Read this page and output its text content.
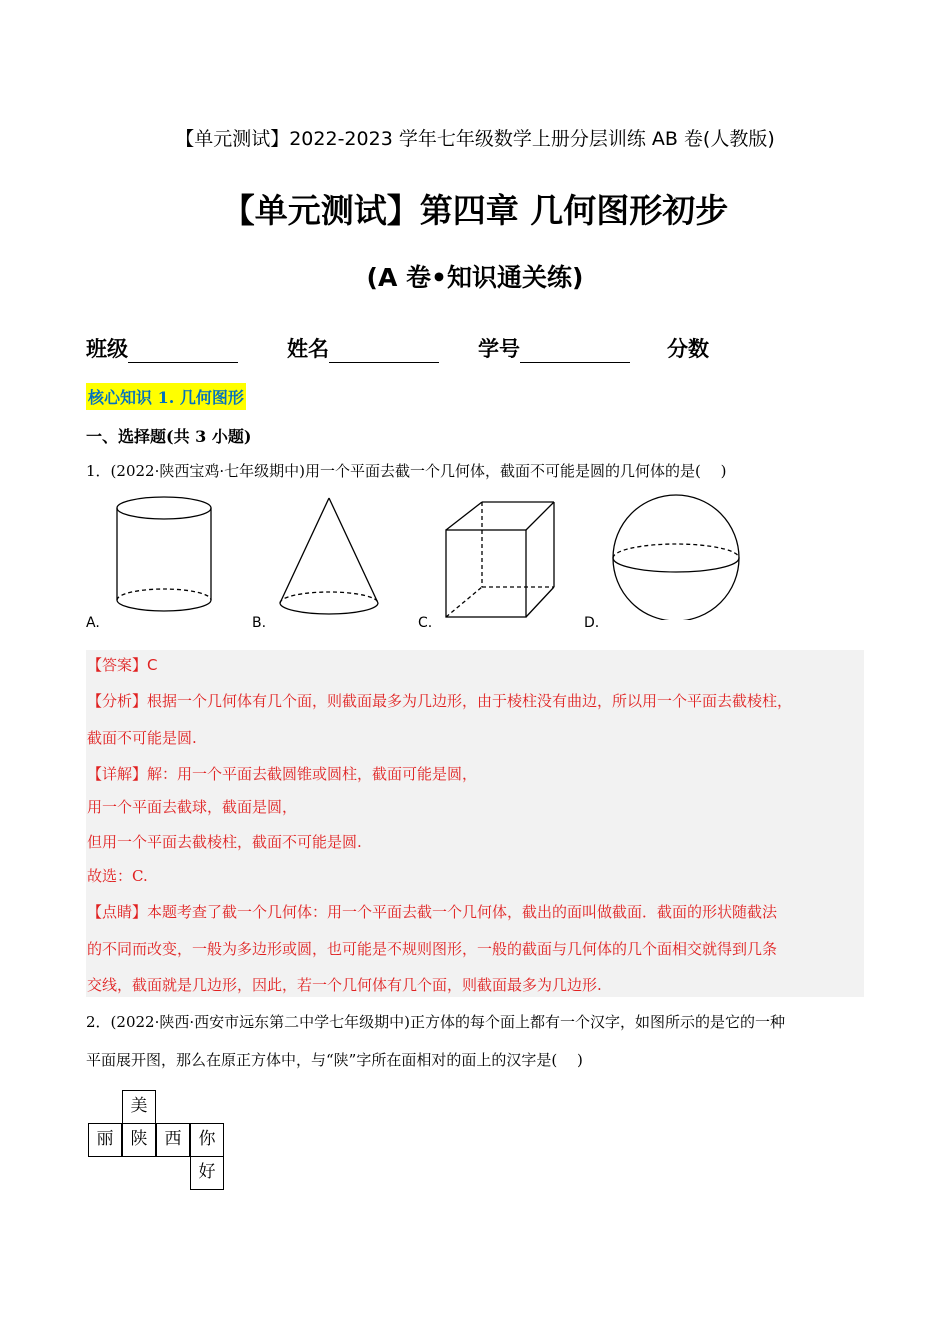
【单元测试】2022-2023 学年七年级数学上册分层训练 AB 卷(人教版)
【单元测试】第四章 几何图形初步
(A 卷•知识通关练)
班级	姓名	学号	分数
核心知识 1. 几何图形
一、选择题(共 3 小题)
1．(2022·陕西宝鸡·七年级期中)用一个平面去截一个几何体，截面不可能是圆的几何体的是(　 )
A.	B.	C.	D.
【答案】C
【分析】根据一个几何体有几个面，则截面最多为几边形，由于棱柱没有曲边，所以用一个平面去截棱柱，
截面不可能是圆.
【详解】解：用一个平面去截圆锥或圆柱，截面可能是圆，
用一个平面去截球，截面是圆，
但用一个平面去截棱柱，截面不可能是圆.
故选：C.
【点睛】本题考查了截一个几何体：用一个平面去截一个几何体，截出的面叫做截面．截面的形状随截法
的不同而改变，一般为多边形或圆，也可能是不规则图形，一般的截面与几何体的几个面相交就得到几条
交线，截面就是几边形，因此，若一个几何体有几个面，则截面最多为几边形.
2．(2022·陕西·西安市远东第二中学七年级期中)正方体的每个面上都有一个汉字，如图所示的是它的一种
平面展开图，那么在原正方体中，与“陕”字所在面相对的面上的汉字是(　 )
美
丽	陕	西	你
好
